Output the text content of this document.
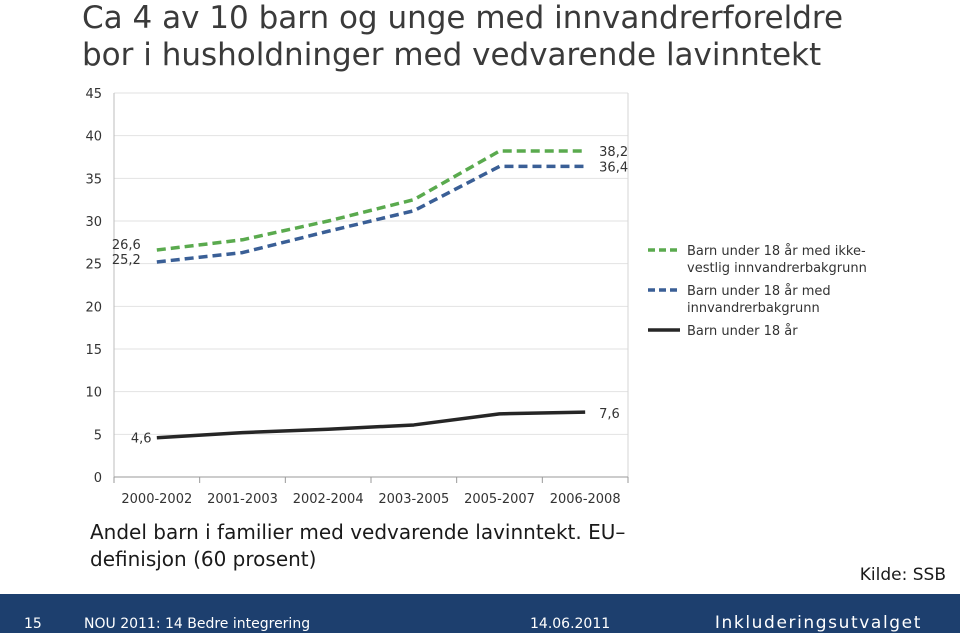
Ca 4 av 10 barn og unge med innvandrerforeldre
bor i husholdninger med vedvarende lavinntekt
0
5
10
15
20
25
30
35
40
45
2000-2002 2001-2003 2002-2004 2003-2005 2005-2007 2006-2008
26,6
25,2
4,6
38,2
36,4
7,6
Barn under 18 år med ikke-
vestlig innvandrerbakgrunn
Barn under 18 år med
innvandrerbakgrunn
Barn under 18 år
Andel barn i familier med vedvarende lavinntekt. EU–
definisjon (60 prosent)
Kilde: SSB
15	NOU 2011: 14 Bedre integrering	14.06.2011	Inkluderingsutvalget
